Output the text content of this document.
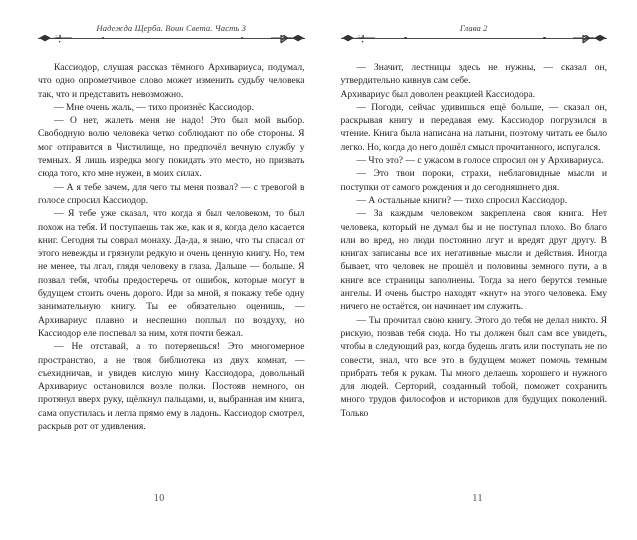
Надежда Щерба. Воин Света. Часть 3

Кассиодор, слушая рассказ тёмного Архивариуса, подумал, что одно опрометчивое слово может изменить судьбу человека так, что и представить невозможно.

— Мне очень жаль, — тихо произнёс Кассиодор.

— О нет, жалеть меня не надо! Это был мой выбор. Свободную волю человека четко соблюдают по обе стороны. Я мог отправится в Чистилище, но предпочёл вечную службу у темных. Я лишь изредка могу покидать это место, но призвать сюда того, кто мне нужен, в моих силах.

— А я тебе зачем, для чего ты меня позвал? — с тревогой в голосе спросил Кассиодор.

— Я тебе уже сказал, что когда я был человеком, то был похож на тебя. И поступаешь так же, как и я, когда дело касается книг. Сегодня ты соврал монаху. Да-да, я знаю, что ты спасал от этого невежды и грязнули редкую и очень ценную книгу. Но, тем не менее, ты лгал, глядя человеку в глаза. Дальше — больше. Я позвал тебя, чтобы предостеречь от ошибок, которые могут в будущем стоить очень дорого. Иди за мной, я покажу тебе одну занимательную книгу. Ты ее обязательно оценишь, — Архивариус плавно и неспешно поплыл по воздуху, но Кассиодор еле поспевал за ним, хотя почти бежал.

— Не отставай, а то потеряешься! Это многомерное пространство, а не твоя библиотека из двух комнат, — съехидничав, и увидев кислую мину Кассиодора, довольный Архивариус остановился возле полки. Постояв немного, он протянул вверх руку, щёлкнул пальцами, и, выбранная им книга, сама опустилась и легла прямо ему в ладонь. Кассиодор смотрел, раскрыв рот от удивления.

10
Глава 2

— Значит, лестницы здесь не нужны, — сказал он, утвердительно кивнув сам себе.

Архивариус был доволен реакцией Кассиодора.

— Погоди, сейчас удивишься ещё больше, — сказал он, раскрывая книгу и передавая ему. Кассиодор погрузился в чтение. Книга была написана на латыни, поэтому читать ее было легко. Но, когда до него дошёл смысл прочитанного, испугался.

— Что это? — с ужасом в голосе спросил он у Архивариуса.

— Это твои пороки, страхи, неблаговидные мысли и поступки от самого рождения и до сегодняшнего дня.

— А остальные книги? — тихо спросил Кассиодор.

— За каждым человеком закреплена своя книга. Нет человека, который не думал бы и не поступал плохо. Во благо или во вред, но люди постоянно лгут и вредят друг другу. В книгах записаны все их негативные мысли и действия. Иногда бывает, что человек не прошёл и половины земного пути, а в книге все страницы заполнены. Тогда за него берутся темные ангелы. И очень быстро находят «кнут» на этого человека. Ему ничего не остаётся, он начинает им служить.

— Ты прочитал свою книгу. Этого до тебя не делал никто. Я рискую, позвав тебя сюда. Но ты должен был сам все увидеть, чтобы в следующий раз, когда будешь лгать или поступать не по совести, знал, что все это в будущем может помочь темным прибрать тебя к рукам. Ты много делаешь хорошего и нужного для людей. Серторий, созданный тобой, поможет сохранить много трудов философов и историков для будущих поколений. Только

11
